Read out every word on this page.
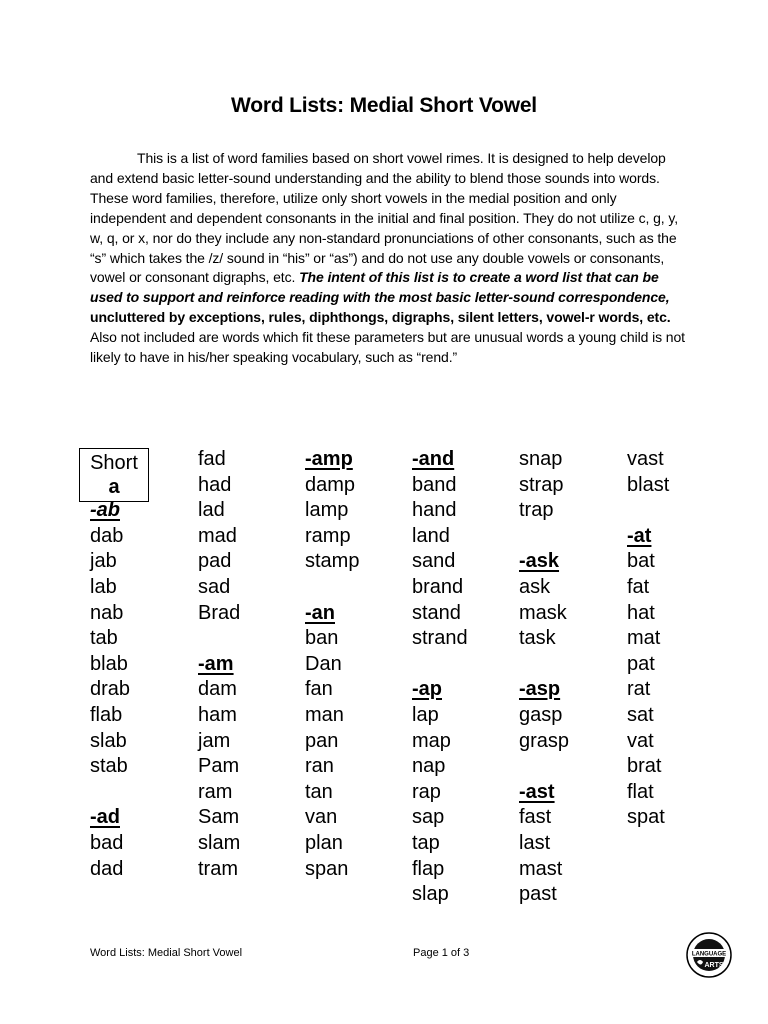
Word Lists: Medial Short Vowel
This is a list of word families based on short vowel rimes. It is designed to help develop and extend basic letter-sound understanding and the ability to blend those sounds into words. These word families, therefore, utilize only short vowels in the medial position and only independent and dependent consonants in the initial and final position. They do not utilize c, g, y, w, q, or x, nor do they include any non-standard pronunciations of other consonants, such as the “s” which takes the /z/ sound in “his” or “as”) and do not use any double vowels or consonants, vowel or consonant digraphs, etc. The intent of this list is to create a word list that can be used to support and reinforce reading with the most basic letter-sound correspondence, uncluttered by exceptions, rules, diphthongs, digraphs, silent letters, vowel-r words, etc. Also not included are words which fit these parameters but are unusual words a young child is not likely to have in his/her speaking vocabulary, such as “rend.”
Short
a
-ab
dab
jab
lab
nab
tab
blab
drab
flab
slab
stab
-ad
bad
dad
fad
had
lad
mad
pad
sad
Brad
-am
dam
ham
jam
Pam
ram
Sam
slam
tram
-amp
damp
lamp
ramp
stamp
-an
ban
Dan
fan
man
pan
ran
tan
van
plan
span
-and
band
hand
land
sand
brand
stand
strand
-ap
lap
map
nap
rap
sap
tap
flap
slap
snap
strap
trap
-ask
ask
mask
task
-asp
gasp
grasp
-ast
fast
last
mast
past
vast
blast
-at
bat
fat
hat
mat
pat
rat
sat
vat
brat
flat
spat
Word Lists: Medial Short Vowel	Page 1 of 3	LANGUAGE
ARTS
